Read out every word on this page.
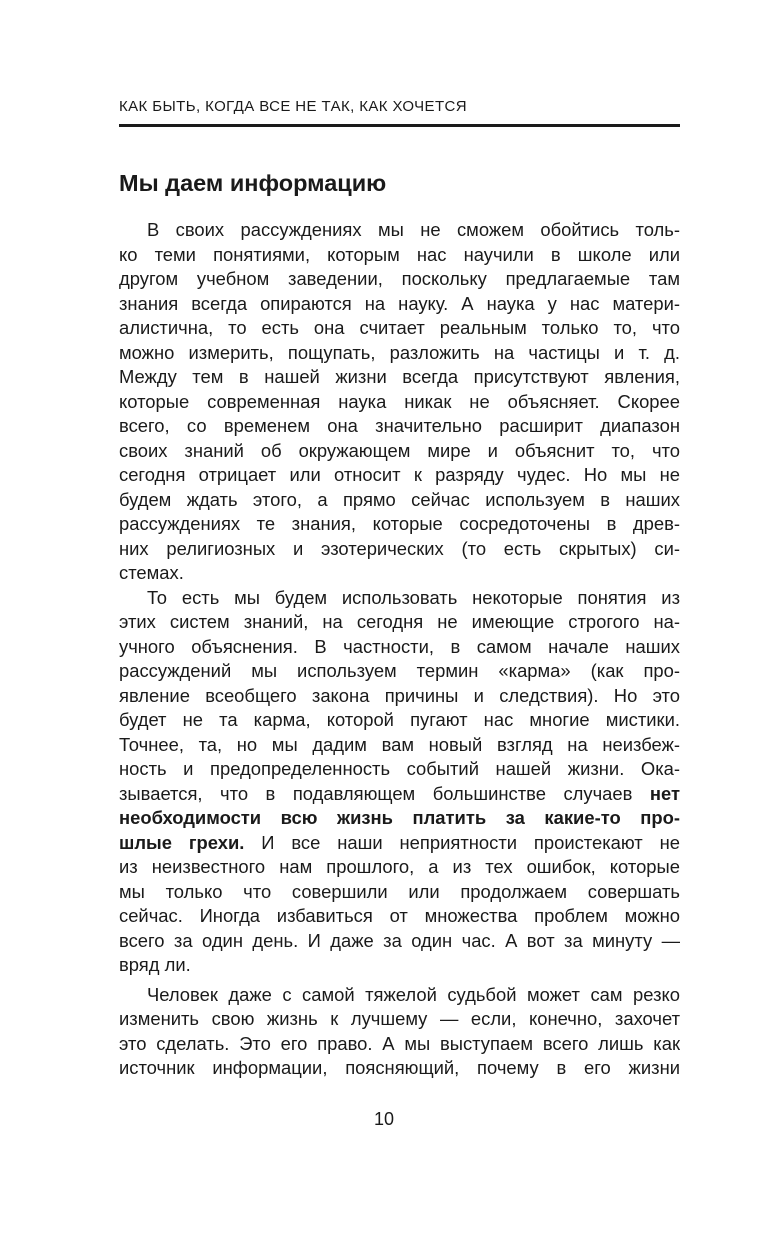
КАК БЫТЬ, КОГДА ВСЕ НЕ ТАК, КАК ХОЧЕТСЯ
Мы даем информацию
В своих рассуждениях мы не сможем обойтись толь-
ко теми понятиями, которым нас научили в школе или
другом учебном заведении, поскольку предлагаемые там
знания всегда опираются на науку. А наука у нас матери-
алистична, то есть она считает реальным только то, что
можно измерить, пощупать, разложить на частицы и т. д.
Между тем в нашей жизни всегда присутствуют явления,
которые современная наука никак не объясняет. Скорее
всего, со временем она значительно расширит диапазон
своих знаний об окружающем мире и объяснит то, что
сегодня отрицает или относит к разряду чудес. Но мы не
будем ждать этого, а прямо сейчас используем в наших
рассуждениях те знания, которые сосредоточены в древ-
них религиозных и эзотерических (то есть скрытых) си-
стемах.
То есть мы будем использовать некоторые понятия из
этих систем знаний, на сегодня не имеющие строгого на-
учного объяснения. В частности, в самом начале наших
рассуждений мы используем термин «карма» (как про-
явление всеобщего закона причины и следствия). Но это
будет не та карма, которой пугают нас многие мистики.
Точнее, та, но мы дадим вам новый взгляд на неизбеж-
ность и предопределенность событий нашей жизни. Ока-
зывается, что в подавляющем большинстве случаев нет
необходимости всю жизнь платить за какие-то про-
шлые грехи. И все наши неприятности проистекают не
из неизвестного нам прошлого, а из тех ошибок, которые
мы только что совершили или продолжаем совершать
сейчас. Иногда избавиться от множества проблем можно
всего за один день. И даже за один час. А вот за минуту —
вряд ли.
Человек даже с самой тяжелой судьбой может сам резко
изменить свою жизнь к лучшему — если, конечно, захочет
это сделать. Это его право. А мы выступаем всего лишь как
источник информации, поясняющий, почему в его жизни
10
